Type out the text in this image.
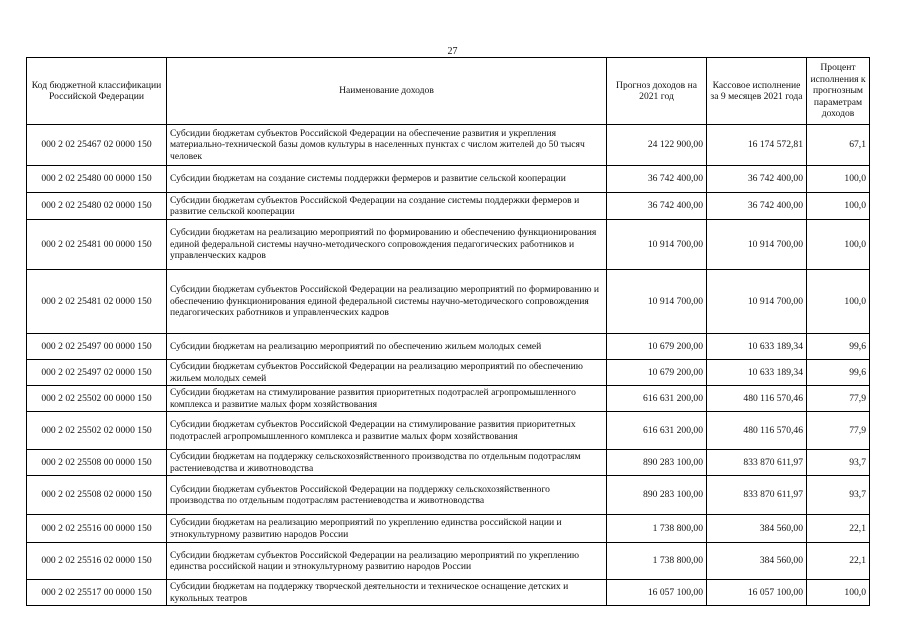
27
Код бюджетной классификации Российской Федерации	Наименование доходов	Прогноз доходов на 2021 год	Кассовое исполнение за 9 месяцев 2021 года	Процент исполнения к прогнозным параметрам доходов
000 2 02 25467 02 0000 150	Субсидии бюджетам субъектов Российской Федерации на обеспечение развития и укрепления материально-технической базы домов культуры в населенных пунктах с числом жителей до 50 тысяч человек	24 122 900,00	16 174 572,81	67,1
000 2 02 25480 00 0000 150	Субсидии бюджетам на создание системы поддержки фермеров и развитие сельской кооперации	36 742 400,00	36 742 400,00	100,0
000 2 02 25480 02 0000 150	Субсидии бюджетам субъектов Российской Федерации на создание системы поддержки фермеров и развитие сельской кооперации	36 742 400,00	36 742 400,00	100,0
000 2 02 25481 00 0000 150	Субсидии бюджетам на реализацию мероприятий по формированию и обеспечению функционирования единой федеральной системы научно-методического сопровождения педагогических работников и управленческих кадров	10 914 700,00	10 914 700,00	100,0
000 2 02 25481 02 0000 150	Субсидии бюджетам субъектов Российской Федерации на реализацию мероприятий по формированию и обеспечению функционирования единой федеральной системы научно-методического сопровождения педагогических работников и управленческих кадров	10 914 700,00	10 914 700,00	100,0
000 2 02 25497 00 0000 150	Субсидии бюджетам на реализацию мероприятий по обеспечению жильем молодых семей	10 679 200,00	10 633 189,34	99,6
000 2 02 25497 02 0000 150	Субсидии бюджетам субъектов Российской Федерации на реализацию мероприятий по обеспечению жильем молодых семей	10 679 200,00	10 633 189,34	99,6
000 2 02 25502 00 0000 150	Субсидии бюджетам на стимулирование развития приоритетных подотраслей агропромышленного комплекса и развитие малых форм хозяйствования	616 631 200,00	480 116 570,46	77,9
000 2 02 25502 02 0000 150	Субсидии бюджетам субъектов Российской Федерации на стимулирование развития приоритетных подотраслей агропромышленного комплекса и развитие малых форм хозяйствования	616 631 200,00	480 116 570,46	77,9
000 2 02 25508 00 0000 150	Субсидии бюджетам на поддержку сельскохозяйственного производства по отдельным подотраслям растениеводства и животноводства	890 283 100,00	833 870 611,97	93,7
000 2 02 25508 02 0000 150	Субсидии бюджетам субъектов Российской Федерации на поддержку сельскохозяйственного производства по отдельным подотраслям растениеводства и животноводства	890 283 100,00	833 870 611,97	93,7
000 2 02 25516 00 0000 150	Субсидии бюджетам на реализацию мероприятий по укреплению единства российской нации и этнокультурному развитию народов России	1 738 800,00	384 560,00	22,1
000 2 02 25516 02 0000 150	Субсидии бюджетам субъектов Российской Федерации на реализацию мероприятий по укреплению единства российской нации и этнокультурному развитию народов России	1 738 800,00	384 560,00	22,1
000 2 02 25517 00 0000 150	Субсидии бюджетам на поддержку творческой деятельности и техническое оснащение детских и кукольных театров	16 057 100,00	16 057 100,00	100,0
